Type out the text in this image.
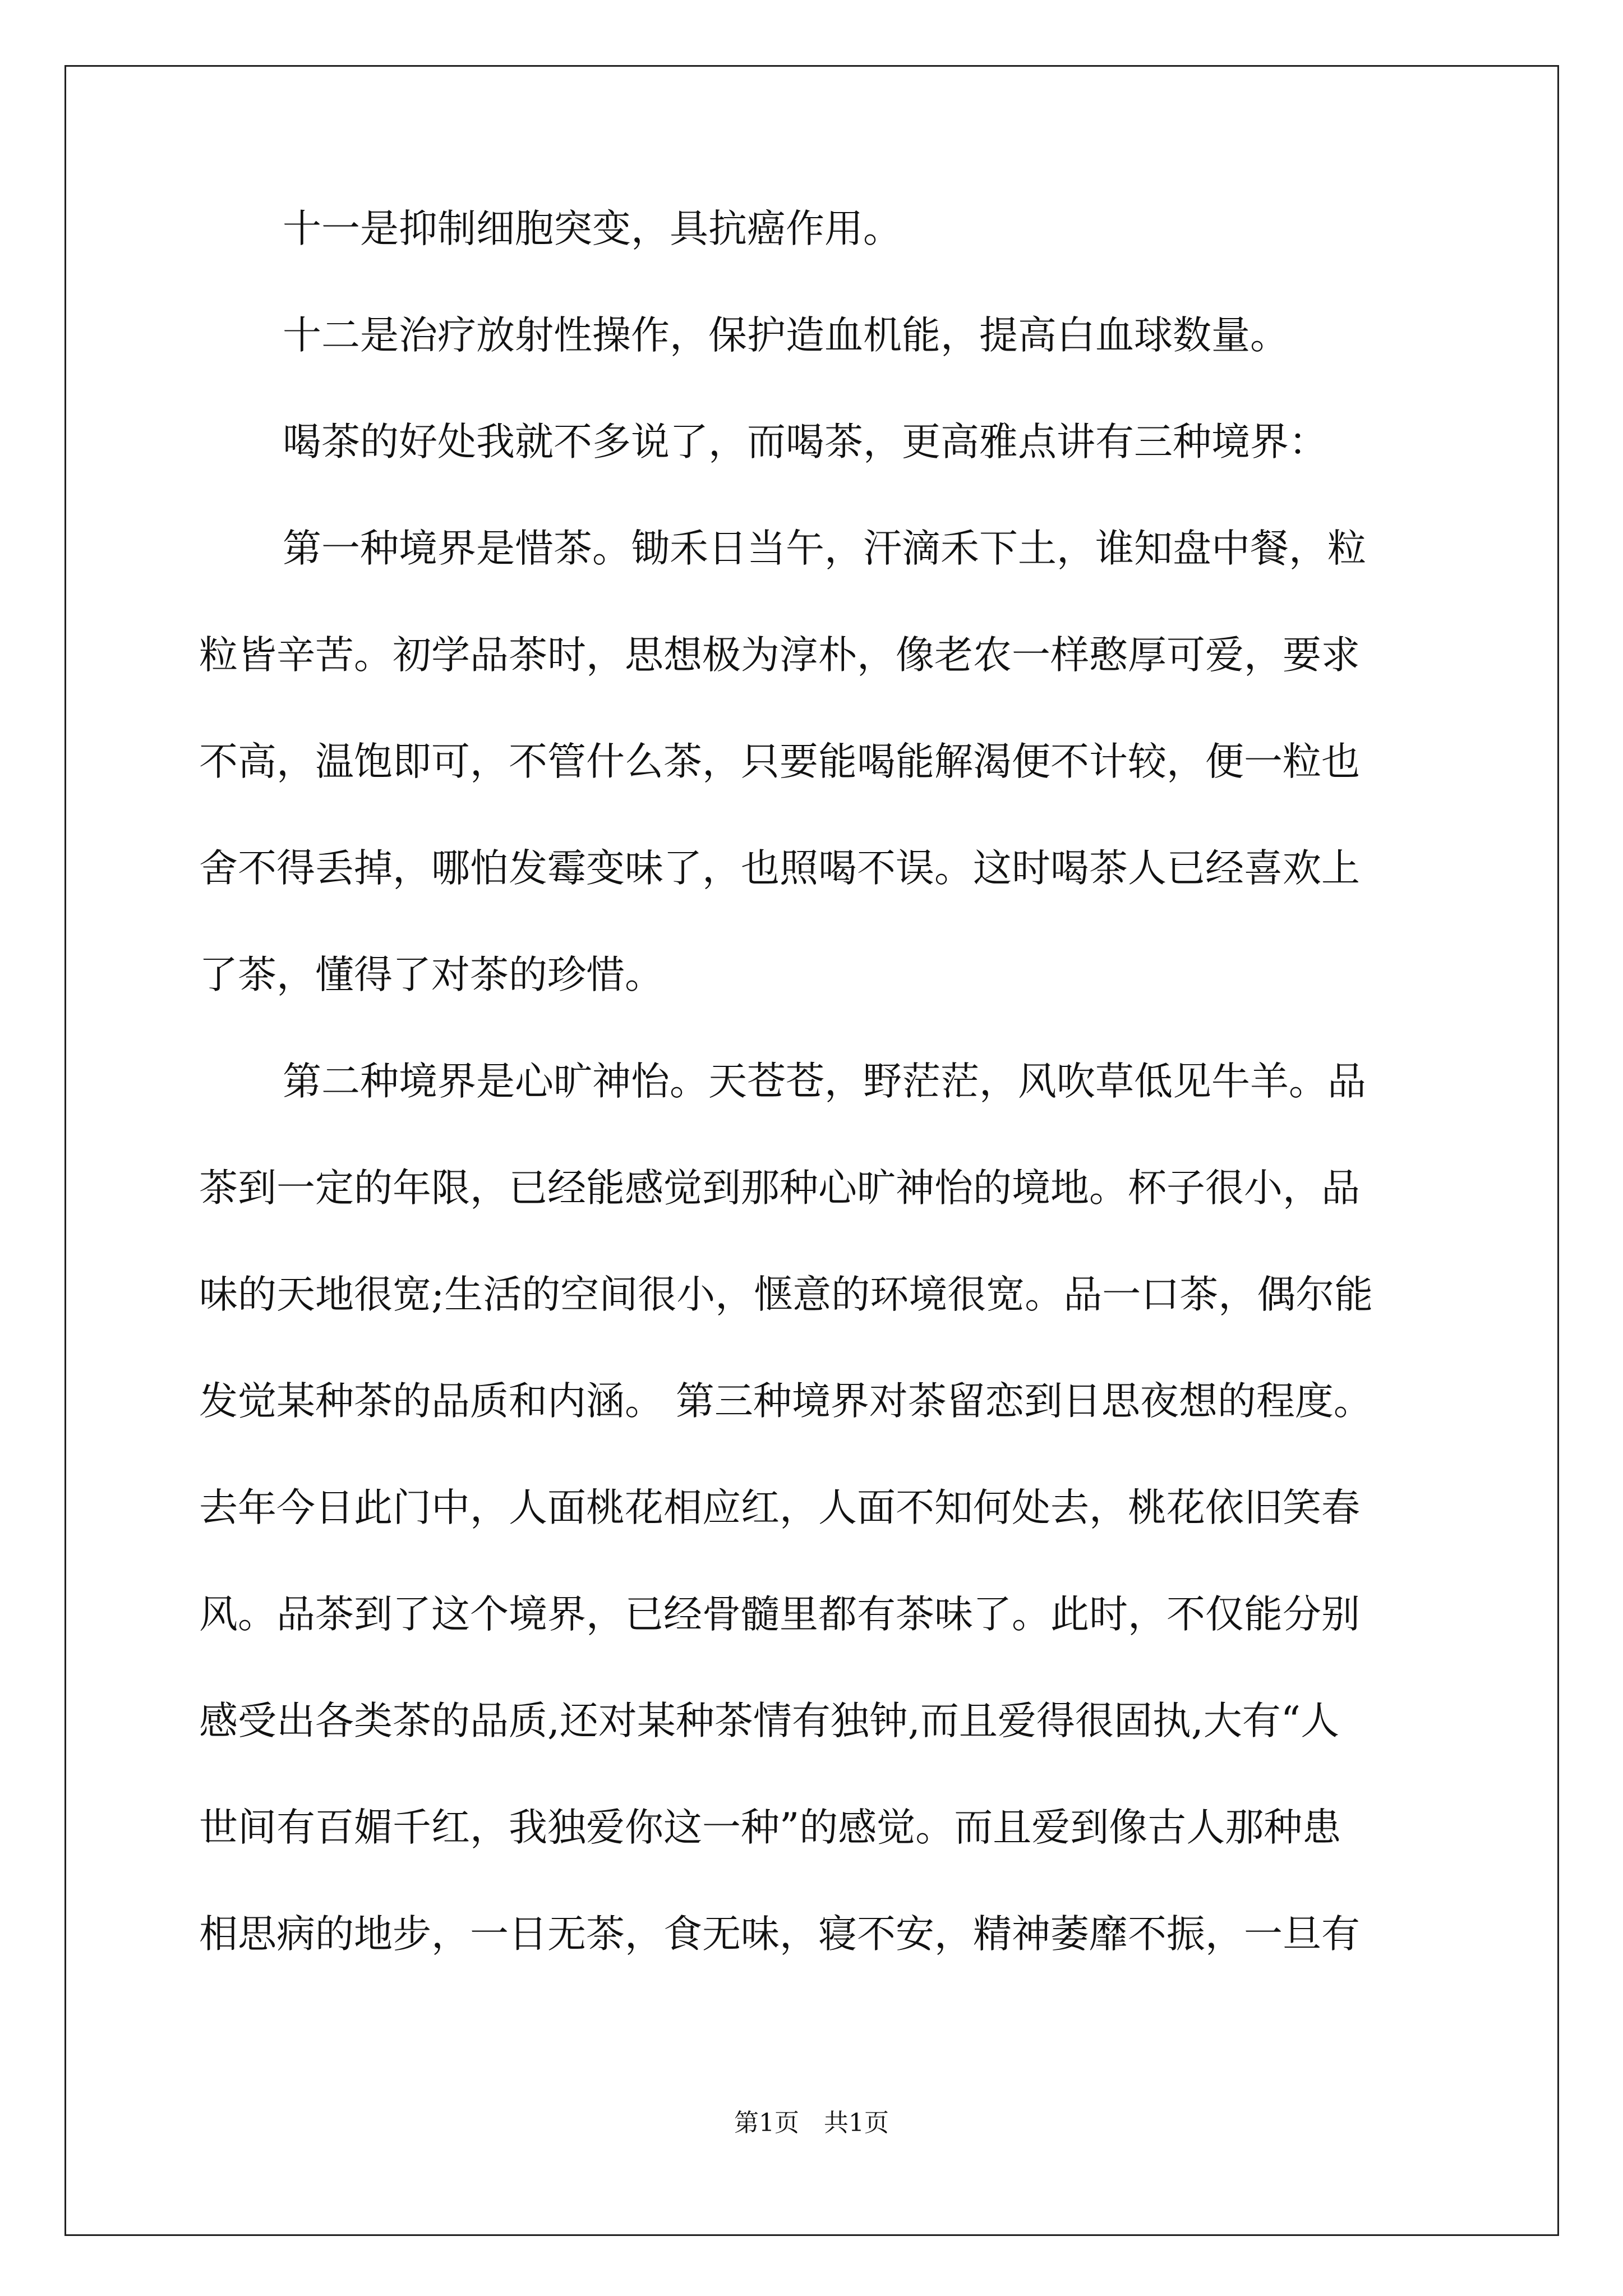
十一是抑制细胞突变，具抗癌作用。
十二是治疗放射性操作，保护造血机能，提高白血球数量。
喝茶的好处我就不多说了，而喝茶，更高雅点讲有三种境界：
第一种境界是惜茶。锄禾日当午，汗滴禾下土，谁知盘中餐，粒
粒皆辛苦。初学品茶时，思想极为淳朴，像老农一样憨厚可爱，要求
不高，温饱即可，不管什么茶，只要能喝能解渴便不计较，便一粒也
舍不得丢掉，哪怕发霉变味了，也照喝不误。这时喝茶人已经喜欢上
了茶，懂得了对茶的珍惜。
第二种境界是心旷神怡。天苍苍，野茫茫，风吹草低见牛羊。品
茶到一定的年限，已经能感觉到那种心旷神怡的境地。杯子很小，品
味的天地很宽;生活的空间很小，惬意的环境很宽。品一口茶，偶尔能
发觉某种茶的品质和内涵。 第三种境界对茶留恋到日思夜想的程度。
去年今日此门中，人面桃花相应红，人面不知何处去，桃花依旧笑春
风。品茶到了这个境界，已经骨髓里都有茶味了。此时，不仅能分别
感受出各类茶的品质,还对某种茶情有独钟,而且爱得很固执,大有“人
世间有百媚千红，我独爱你这一种”的感觉。而且爱到像古人那种患
相思病的地步，一日无茶，食无味，寝不安，精神萎靡不振，一旦有
第1页　共1页
